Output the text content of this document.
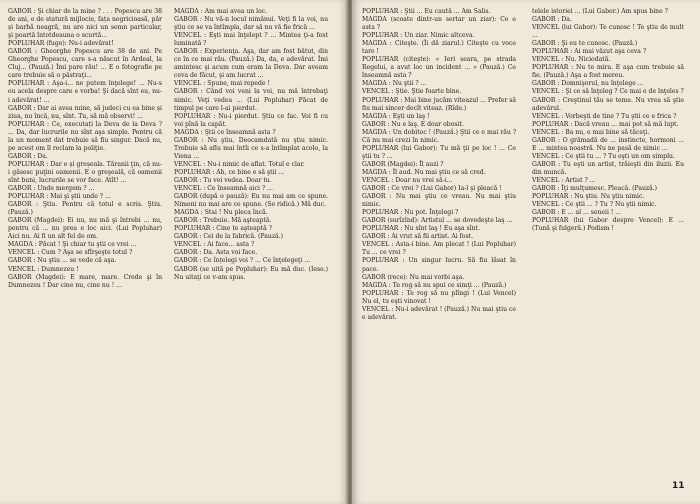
GABOR : Şi chiar de la mine ? . . . Popescu are 38 de ani, e de statură mijlocie, fața negricioasă, păr și barbă neagră, nu are nici un semn particular, şi poartă întotdeauna o scurtă...

POPLUHAR (fuge): Nu-i adevărat!

GABOR : Gheorghe Popescu are 38 de ani. Pe Gheorghe Popescu, care s-a născut în Ardeal, la Cluj... (Pauză.) Îmi pare rău! ... E o fotografie pe care trebuie să o păstraţi...

POPLUHAR : Aşa-i... ne putem înţelege! ... Nu-s eu acela despre care e vorba! Şi dacă sînt eu, nu-i adevărat! ...

GABOR : Dar ai avea mine, să judeci cu ea bine și ziua, nu încă, nu, sînt. Tu, să mă observi! ...

POPLUHAR : Ce, executați la Deva de la Deva ? ... Da, dar lucrurile nu sînt aşa simple. Pentru că la un moment dat trebuie să fiu singur. Dacă nu, pe acest om îl reclam la poliţie.

GABOR : Da.

POPLUHAR : Dar e și greșeala. Tăranii ţin, că nu-i găsesc puţini oamenii. E o greşeală, că oamenii sînt buni, lucrurile se vor face. Atît! ...

GABOR : Unde mergem ? ...

POPLUHAR : Mai şi ştii unde ? ...

GABOR : Ştiu. Pentru că totul e scris. Ştiu. (Pauză.)

GABOR (Magdei): Ei nu, nu mă şi întrebi ... nu, pentru că ... nu prea e loc aici. (Lui Popluhar) Aici nu. Ai fi un alt fel de om.

MAGDA : Păcat ! Şi chiar tu ştii ce vrei ...

VENCEL : Cum ? Aşa se sfîrşeşte totul ?

GABOR : Nu ştiu ... se vede că aşa.

VENCEL : Dumnezeu !

GABOR (Magdei): E mare, mare. Crede şi în Dumnezeu ! Dar cine nu, cine nu ! ...

MAGDA : Am mai avea un loc.

GABOR : Nu vă-n locul nimănui. Veţi fi la voi, nu ştiu ce se va întîmpla, dar să nu vă fie frică ...

VENCEL : Eşti mai înţelept ? ... Mintea ţi-a fost luminată ?

GABOR : Experienţa. Aşa, dar am fost bătut, din ce în ce mai rău. (Pauză.) Da, da, e adevărat. Îmi amintesc şi acum cum eram la Deva. Dar aveam ceva de făcut, şi am lucrat ...

VENCEL : Spune, mai repede !

GABOR : Când voi veni la voi, nu mă întrebaţi nimic. Veţi vedea ... (Lui Popluhar) Păcat de timpul pe care l-ai pierdut.

POPLUHAR : Nu-i pierdut. Ştiu ce fac. Voi fi cu voi pînă la capăt.

MAGDA : Ştii ce înseamnă asta ?

GABOR : Nu ştiu. Deocamdată nu ştiu nimic. Trebuie să aflu mai întîi ce s-a întîmplat acolo, la Viena ...

VENCEL : Nu-i nimic de aflat. Totul e clar.

POPLUHAR : Ah, ce bine e să ştii ...

GABOR : Tu vei vedea. Doar tu.

VENCEL : Ce înseamnă aici ? ...

GABOR (după o pauză): Eu nu mai am ce spune. Nimeni nu mai are ce spune. (Se ridică.) Mă duc.

MAGDA : Stai ! Nu pleca încă.

GABOR : Trebuie. Mă aşteaptă.

POPLUHAR : Cine te aşteaptă ?

GABOR : Cei de la fabrică. (Pauză.)

VENCEL : Ai face... asta ?

GABOR : Da. Asta voi face.

GABOR : Ce înțelegi voi ? ... Ce înţelegeţi ...

GABOR (se uită pe Popluhar): Eu mă duc. (Iese.) Nu uitaţi ce v-am spus.

POPLUHAR : Ştii ... Eu caută ... Am Salis.

MAGDA (scoate dintr-un sertar un ziar): Ce e asta ?

POPLUHAR : Un ziar. Nimic altceva.

MAGDA : Citeşte. (Îi dă ziarul.) Citeşte cu voce tare !

POPLUHAR (citeşte): « Ieri seara, pe strada Regelui, a avut loc un incident ... » (Pauză.) Ce înseamnă asta ?

MAGDA : Nu ştii ? ...

VENCEL : Ştie. Ştie foarte bine.

POPLUHAR : Mai bine jucăm viteazul ... Prefer să fiu mai sincer decît viteaz. (Rîde.)

MAGDA : Eşti un laş !

GABOR : Nu e laş. E doar obosit.

MAGDA : Un dobitoc ! (Pauză.) Ştii ce e mai rău ? Că nu mai crezi în nimic.

POPLUHAR (lui Gabor): Tu mă ţii pe loc ! ... Ce ştii tu ? ...

GABOR (Magdei): Îl auzi ?

MAGDA : Îl aud. Nu mai ştiu ce să cred.

VENCEL : Doar nu vrei să-i...

GABOR : Ce vrei ? (Lui Gabor) Ia-l şi pleacă !

GABOR : Nu mai ştiu ce vreau. Nu mai ştiu nimic.

POPLUHAR : Nu pot. Înţelegi ?

GABOR (surîzînd): Artistul ... se dovedeşte laş ...

POPLUHAR : Nu sînt laş ! Eu aşa sînt.

GABOR : Ai vrut să fii artist. Ai fost.

VENCEL : Asta-i bine. Am plecat ! (Lui Popluhar) Tu ... ce vrei ?

POPLUHAR : Un singur lucru. Să fiu lăsat în pace.

GABOR (rece): Nu mai vorbi aşa.

MAGDA : Te rog să nu spui ce simţi ... (Pauză.)

POPLUHAR : Te rog să nu plîngi ! (Lui Vencel) Nu el, tu eşti vinovat !

VENCEL : Nu-i adevărat ! (Pauză.) Nu mai ştiu ce e adevărat.

telele istoriei ... (Lui Gabor.) Am spus bine ?

GABOR : Da.

VENCEL (lui Gabor): Te cunosc ! Te ştiu de mult ...

GABOR : Şi eu te cunosc. (Pauză.)

POPLUHAR : Ai mai văzut aşa ceva ?

VENCEL : Nu. Niciodată.

POPLUHAR : Nu te mira. E aşa cum trebuie să fie. (Pauză.) Aşa a fost mereu.

GABOR : Domnişorul, nu înţelege ...

VENCEL : Şi ce să înţeleg ? Ce mai e de înţeles ?

GABOR : Creştinul tău se teme. Nu vrea să ştie adevărul.

VENCEL : Vorbeşti de tine ? Tu ştii ce e frica ?

POPLUHAR : Dacă vreau ... mai pot să mă lupt.

VENCEL : Ba nu, e mai bine să tăceţi.

GABOR : O grămadă de ... instincte, hormoni ... E ... mintea noastră. Nu ne pasă de nimic ...

VENCEL : Ce ştii tu ... ? Tu eşti un om simplu.

GABOR : Tu eşti un artist, trăieşti din iluzii. Eu din muncă.

VENCEL : Artist ? ...

GABOR : Îţi mulţumesc. Pleacă. (Pauză.)

POPLUHAR : Nu ştiu. Nu ştiu nimic.

VENCEL : Ce ştii ... ? Tu ? Nu ştii nimic.

GABOR : E ... al ... seneii ! ...

POPLUHAR (lui Gabor despre Vencel): E ... (Tună şi fulgeră.) Podism !

11
